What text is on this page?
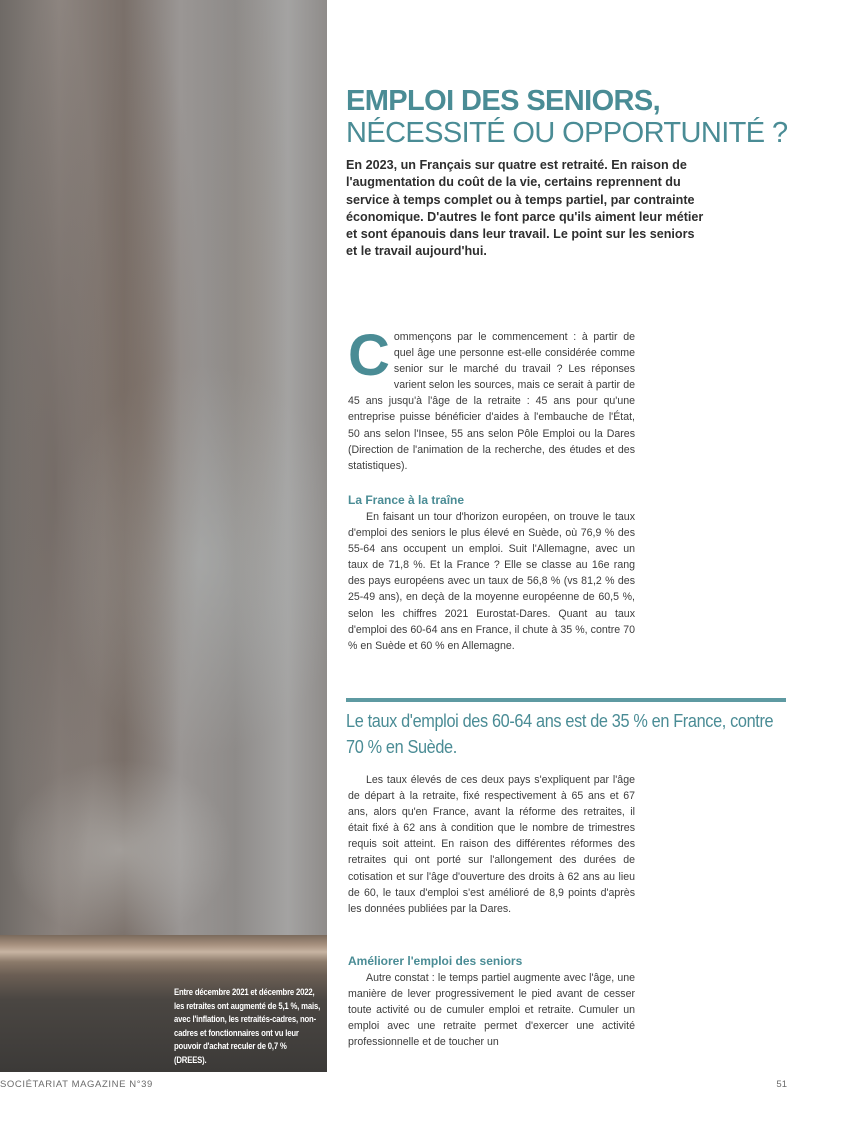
Entre décembre 2021 et décembre 2022, les retraites ont augmenté de 5,1 %, mais, avec l'inflation, les retraités-cadres, non-cadres et fonctionnaires ont vu leur pouvoir d'achat reculer de 0,7 % (DREES).

EMPLOI DES SENIORS,
NÉCESSITÉ OU OPPORTUNITÉ ?

En 2023, un Français sur quatre est retraité. En raison de l'augmentation du coût de la vie, certains reprennent du service à temps complet ou à temps partiel, par contrainte économique. D'autres le font parce qu'ils aiment leur métier et sont épanouis dans leur travail. Le point sur les seniors et le travail aujourd'hui.

Commençons par le commencement : à partir de quel âge une personne est-elle considérée comme senior sur le marché du travail ? Les réponses varient selon les sources, mais ce serait à partir de 45 ans jusqu'à l'âge de la retraite : 45 ans pour qu'une entreprise puisse bénéficier d'aides à l'embauche de l'État, 50 ans selon l'Insee, 55 ans selon Pôle Emploi ou la Dares (Direction de l'animation de la recherche, des études et des statistiques).
La France à la traîne

En faisant un tour d'horizon européen, on trouve le taux d'emploi des seniors le plus élevé en Suède, où 76,9 % des 55-64 ans occupent un emploi. Suit l'Allemagne, avec un taux de 71,8 %. Et la France ? Elle se classe au 16e rang des pays européens avec un taux de 56,8 % (vs 81,2 % des 25-49 ans), en deçà de la moyenne européenne de 60,5 %, selon les chiffres 2021 Eurostat-Dares. Quant au taux d'emploi des 60-64 ans en France, il chute à 35 %, contre 70 % en Suède et 60 % en Allemagne.

Le taux d'emploi des 60-64 ans est de 35 % en France, contre 70 % en Suède.

Les taux élevés de ces deux pays s'expliquent par l'âge de départ à la retraite, fixé respectivement à 65 ans et 67 ans, alors qu'en France, avant la réforme des retraites, il était fixé à 62 ans à condition que le nombre de trimestres requis soit atteint. En raison des différentes réformes des retraites qui ont porté sur l'allongement des durées de cotisation et sur l'âge d'ouverture des droits à 62 ans au lieu de 60, le taux d'emploi s'est amélioré de 8,9 points d'après les données publiées par la Dares.

Améliorer l'emploi des seniors

Autre constat : le temps partiel augmente avec l'âge, une manière de lever progressivement le pied avant de cesser toute activité ou de cumuler emploi et retraite. Cumuler un emploi avec une retraite permet d'exercer une activité professionnelle et de toucher un

SOCIÉTARIAT MAGAZINE N°39	51
